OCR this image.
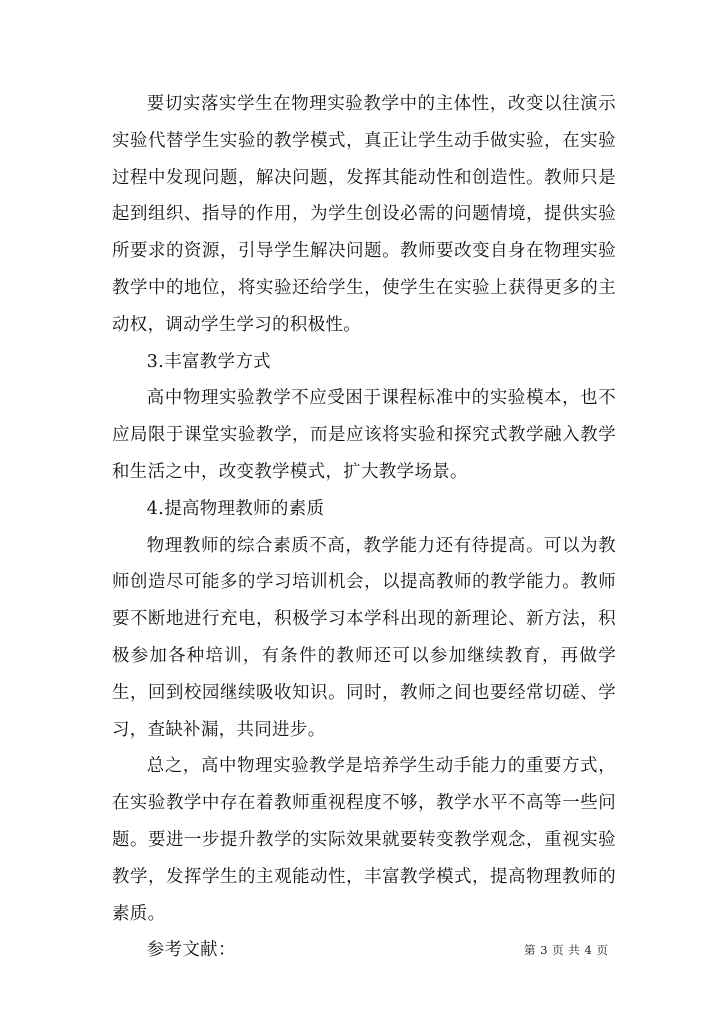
要切实落实学生在物理实验教学中的主体性，改变以往演示实验代替学生实验的教学模式，真正让学生动手做实验，在实验过程中发现问题，解决问题，发挥其能动性和创造性。教师只是起到组织、指导的作用，为学生创设必需的问题情境，提供实验所要求的资源，引导学生解决问题。教师要改变自身在物理实验教学中的地位，将实验还给学生，使学生在实验上获得更多的主动权，调动学生学习的积极性。

3.丰富教学方式

高中物理实验教学不应受困于课程标准中的实验模本，也不应局限于课堂实验教学，而是应该将实验和探究式教学融入教学和生活之中，改变教学模式，扩大教学场景。

4.提高物理教师的素质

物理教师的综合素质不高，教学能力还有待提高。可以为教师创造尽可能多的学习培训机会，以提高教师的教学能力。教师要不断地进行充电，积极学习本学科出现的新理论、新方法，积极参加各种培训，有条件的教师还可以参加继续教育，再做学生，回到校园继续吸收知识。同时，教师之间也要经常切磋、学习，查缺补漏，共同进步。

总之，高中物理实验教学是培养学生动手能力的重要方式，在实验教学中存在着教师重视程度不够，教学水平不高等一些问题。要进一步提升教学的实际效果就要转变教学观念，重视实验教学，发挥学生的主观能动性，丰富教学模式，提高物理教师的素质。

参考文献：	第 3 页 共 4 页
